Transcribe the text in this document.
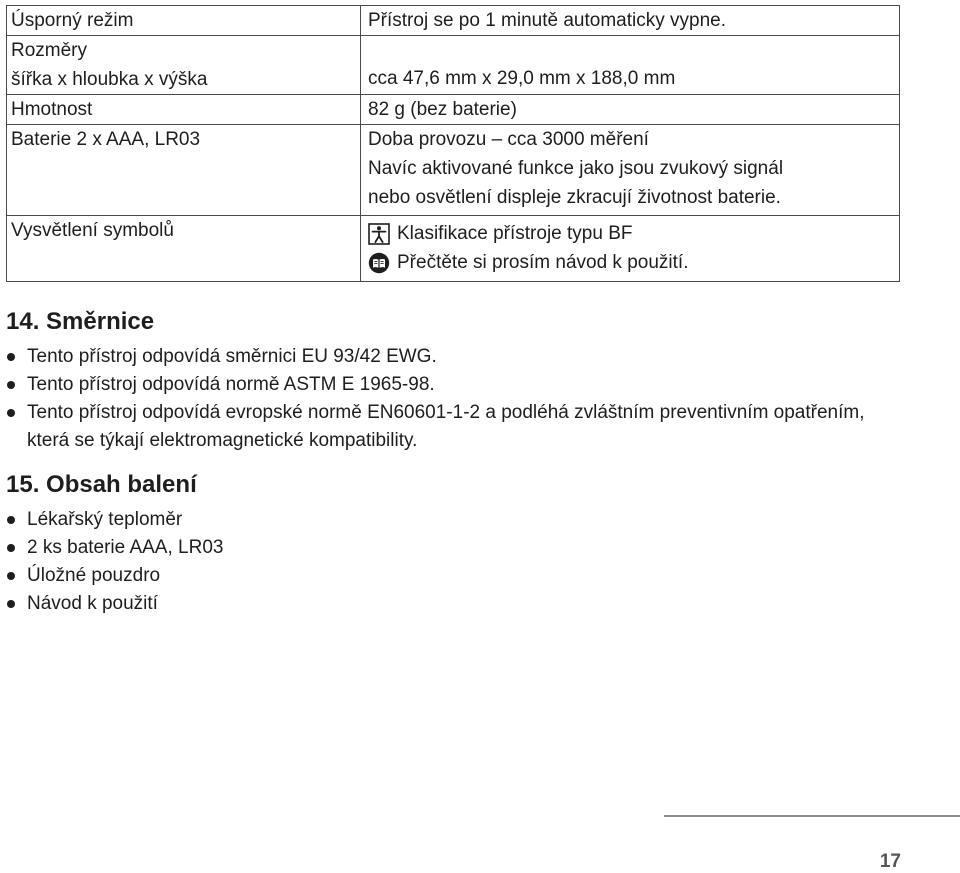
Úsporný režim	Přístroj se po 1 minutě automaticky vypne.

Rozměry
šířka x hloubka x výška	cca 47,6 mm x 29,0 mm x 188,0 mm

Hmotnost	82 g (bez baterie)

Baterie 2 x AAA, LR03	Doba provozu – cca 3000 měření
Navíc aktivované funkce jako jsou zvukový signál
nebo osvětlení displeje zkracují životnost baterie.

Vysvětlení symbolů	Klasifikace přístroje typu BF
Přečtěte si prosím návod k použití.
14. Směrnice
Tento přístroj odpovídá směrnici EU 93/42 EWG.
Tento přístroj odpovídá normě ASTM E 1965-98.
Tento přístroj odpovídá evropské normě EN60601-1-2 a podléhá zvláštním preventivním opatřením, která se týkají elektromagnetické kompatibility.
15. Obsah balení
Lékařský teploměr
2 ks baterie AAA, LR03
Úložné pouzdro
Návod k použití
17
